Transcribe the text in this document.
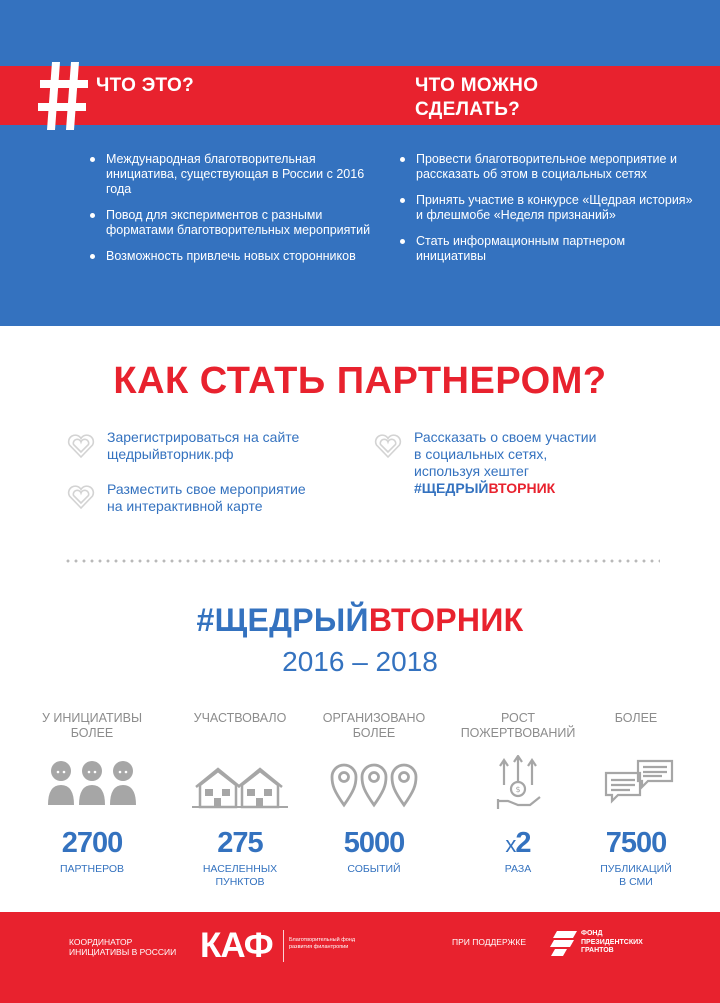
ЧТО ЭТО?	ЧТО МОЖНО
СДЕЛАТЬ?
Международная благотворительная инициатива, существующая в России с 2016 года
Повод для экспериментов с разными форматами благотворительных мероприятий
Возможность привлечь новых сторонников
Провести благотворительное мероприятие и рассказать об этом в социальных сетях
Принять участие в конкурсе «Щедрая история» и флешмобе «Неделя признаний»
Стать информационным партнером инициативы
КАК СТАТЬ ПАРТНЕРОМ?
Зарегистрироваться на сайте
щедрыйвторник.рф
Разместить свое мероприятие
на интерактивной карте
Рассказать о своем участии
в социальных сетях,
используя хештег
#ЩЕДРЫЙВТОРНИК
#ЩЕДРЫЙВТОРНИК
2016 – 2018
У ИНИЦИАТИВЫ
БОЛЕЕ
2700
ПАРТНЕРОВ
УЧАСТВОВАЛО
275
НАСЕЛЕННЫХ
ПУНКТОВ
ОРГАНИЗОВАНО
БОЛЕЕ
5000
СОБЫТИЙ
РОСТ
ПОЖЕРТВОВАНИЙ
$
x2
РАЗА
БОЛЕЕ
7500
ПУБЛИКАЦИЙ
В СМИ
КООРДИНАТОР
ИНИЦИАТИВЫ В РОССИИ КАФ	Благотворительный фонд
развития филантропии	ПРИ ПОДДЕРЖКЕ
ФОНД
ПРЕЗИДЕНТСКИХ
ГРАНТОВ
